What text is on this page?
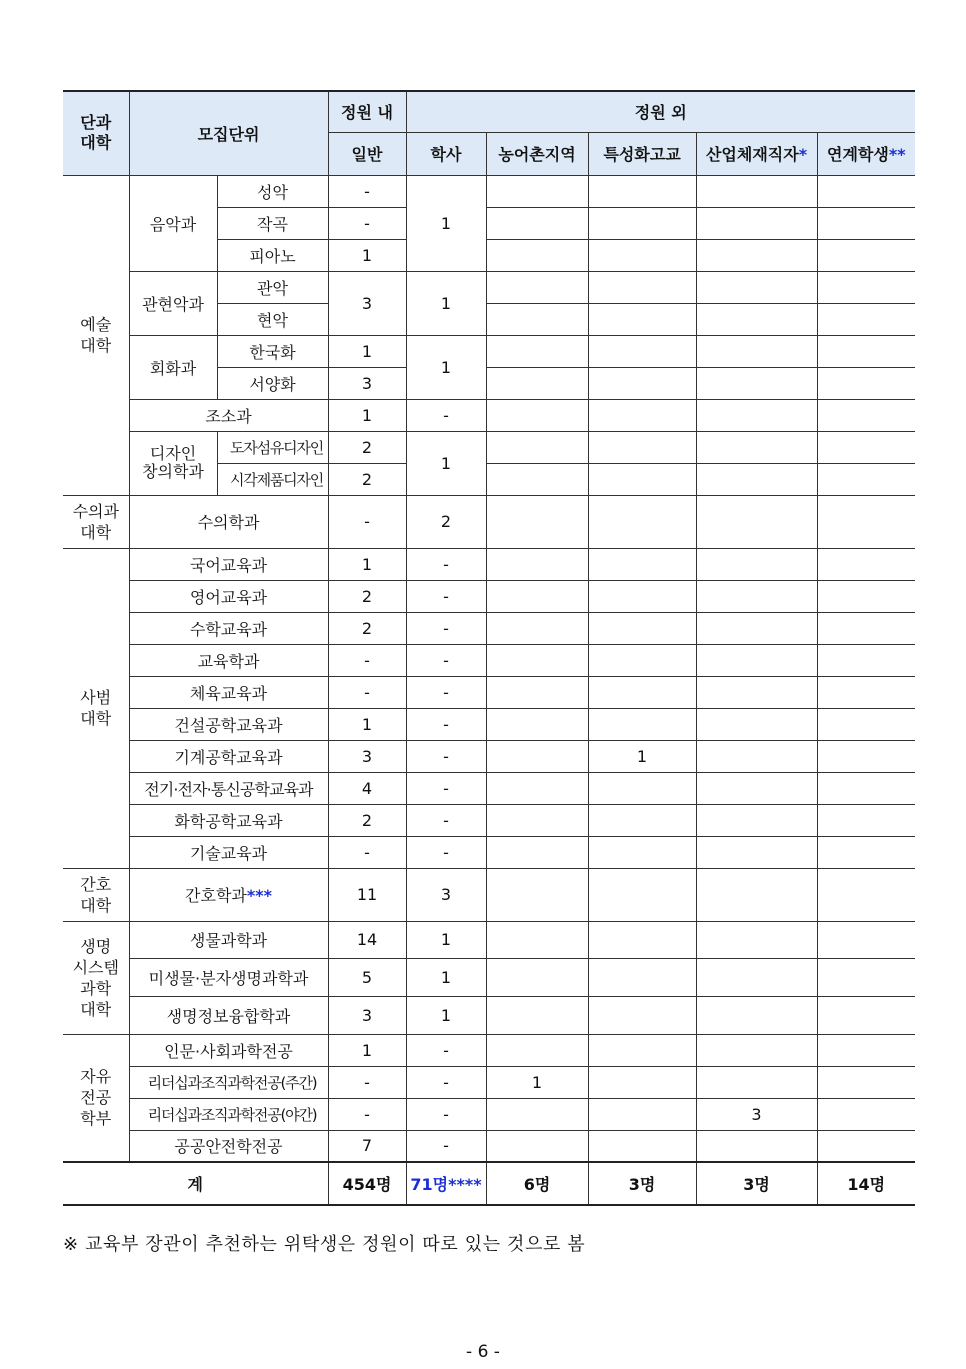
단과
대학	모집단위		정원 내	정원 외				
			일반	학사	농어촌지역	특성화고교	산업체재직자*	연계학생**
예술
대학	음악과	성악	-	1				
		작곡	-					
		피아노	1					
	관현악과	관악	3	1				
		현악						
	회화과	한국화	1	1				
		서양화	3					
	조소과		1	-				
	디자인
창의학과	도자섬유디자인	2	1				
		시각제품디자인	2					
수의과
대학	수의학과		-	2				
사범
대학	국어교육과		1	-				
	영어교육과		2	-				
	수학교육과		2	-				
	교육학과		-	-				
	체육교육과		-	-				
	건설공학교육과		1	-				
	기계공학교육과		3	-		1		
	전기·전자·통신공학교육과		4	-				
	화학공학교육과		2	-				
	기술교육과		-	-				
간호
대학	간호학과***		11	3				
생명
시스템
과학
대학	생물과학과		14	1				
	미생물·분자생명과학과		5	1				
	생명정보융합학과		3	1				
자유
전공
학부	인문·사회과학전공		1	-				
	리더십과조직과학전공(주간)		-	-	1			
	리더십과조직과학전공(야간)		-	-			3	
	공공안전학전공		7	-				
계			454명	71명****	6명	3명	3명	14명
※ 교육부 장관이 추천하는 위탁생은 정원이 따로 있는 것으로 봄
- 6 -
